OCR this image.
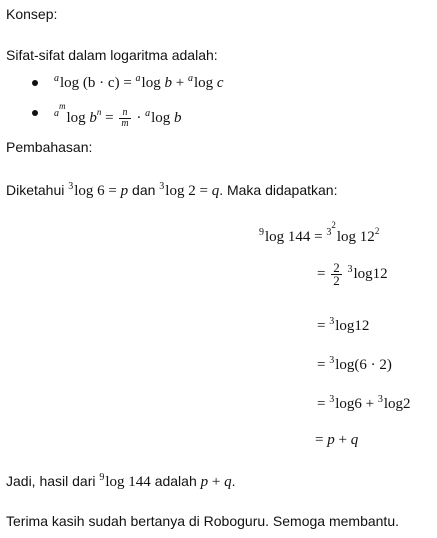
Konsep:
Sifat-sifat dalam logaritma adalah:
$^a$log (b · c) = $^a$log b + $^a$log c
$^{a^m}$log $b^n = \frac{n}{m} \cdot ^a\log$ b
Pembahasan:
Diketahui $^3$log 6 = p dan $^3$log 2 = q. Maka didapatkan:
$^9$log 144 = $^{3^2}$log $12^2$
= $\frac{2}{2} ^3\log 12$
= $^3$log12
= $^3$log(6 · 2)
= $^3$log6 + $^3$log2
= p + q
Jadi, hasil dari $^9$log 144 adalah p + q.
Terima kasih sudah bertanya di Roboguru. Semoga membantu.
